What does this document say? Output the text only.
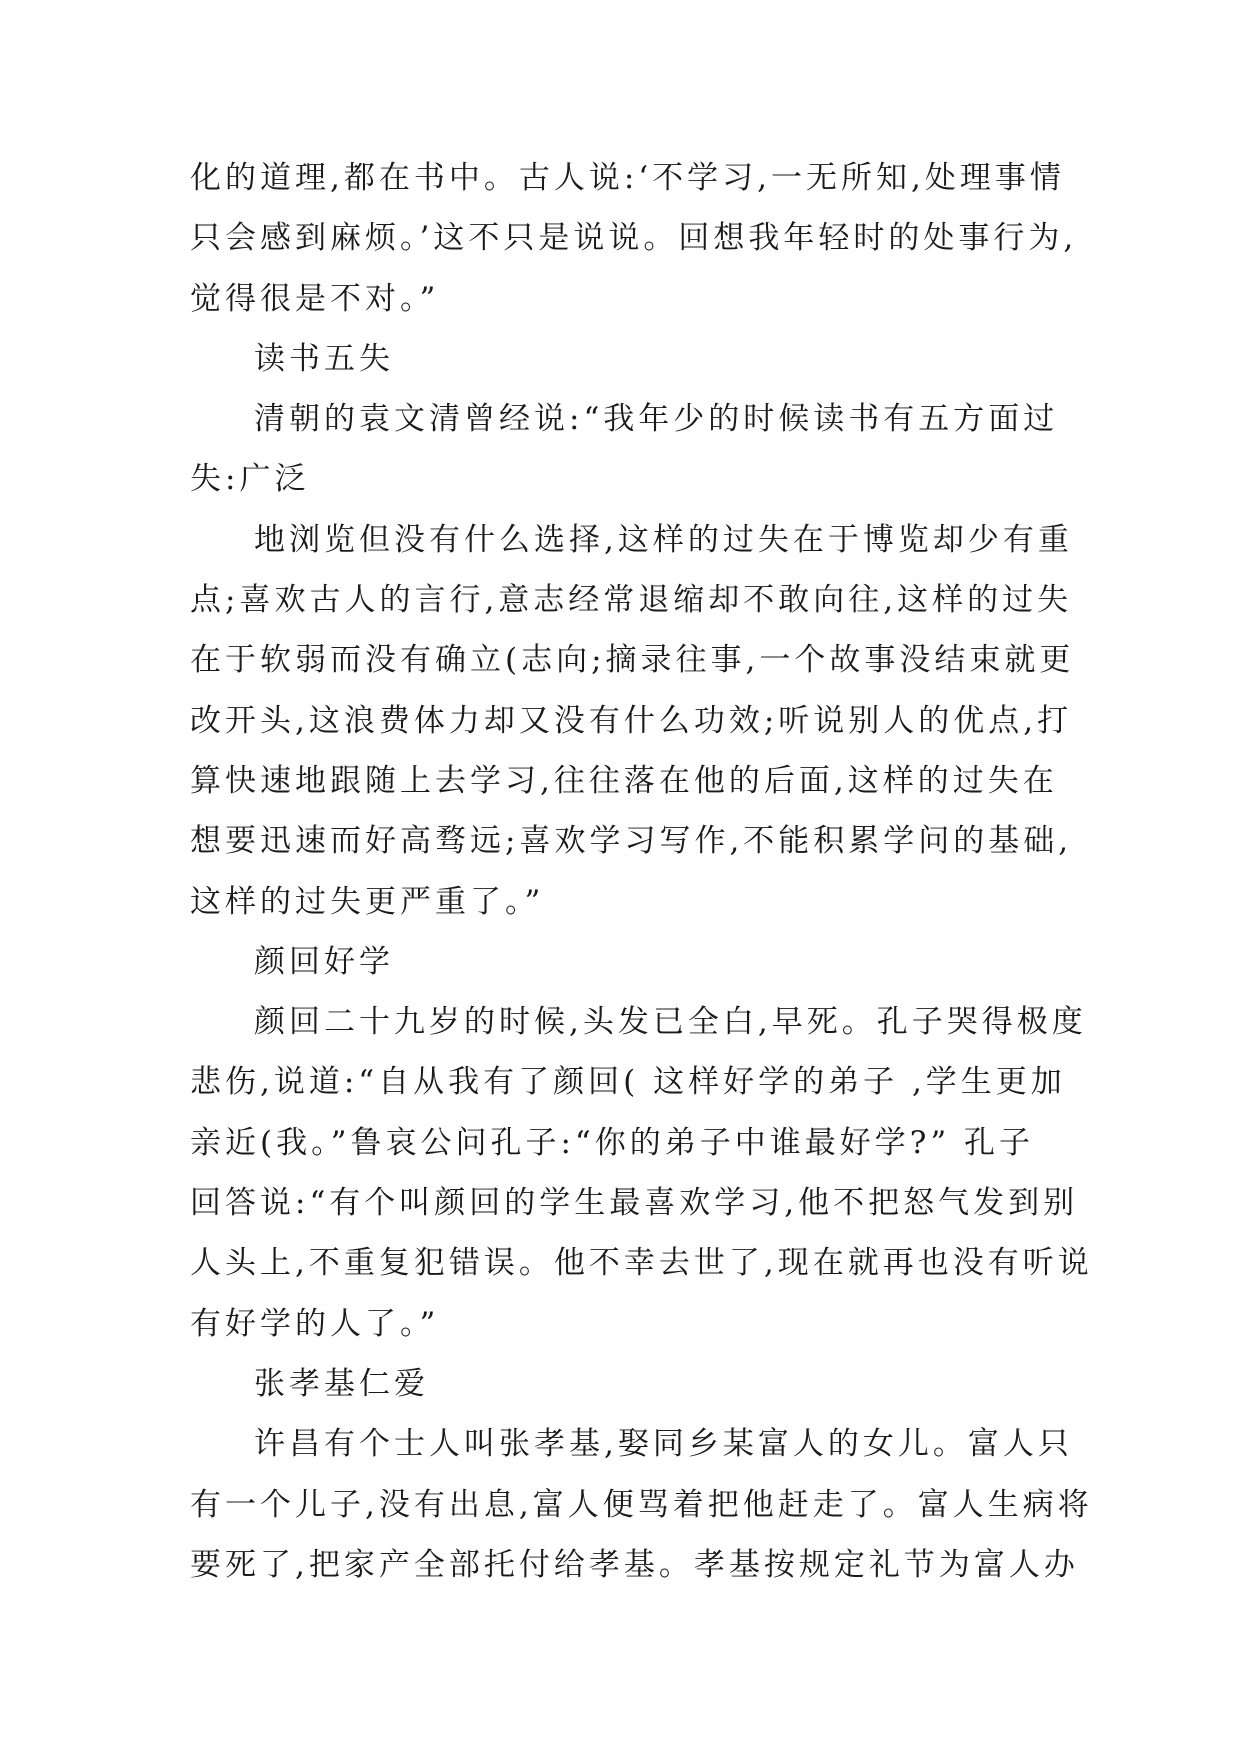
化的道理,都在书中。古人说:‘不学习,一无所知,处理事情
只会感到麻烦。’这不只是说说。回想我年轻时的处事行为,
觉得很是不对。”
读书五失
清朝的袁文清曾经说:“我年少的时候读书有五方面过
失:广泛
地浏览但没有什么选择,这样的过失在于博览却少有重
点;喜欢古人的言行,意志经常退缩却不敢向往,这样的过失
在于软弱而没有确立(志向;摘录往事,一个故事没结束就更
改开头,这浪费体力却又没有什么功效;听说别人的优点,打
算快速地跟随上去学习,往往落在他的后面,这样的过失在
想要迅速而好高骛远;喜欢学习写作,不能积累学问的基础,
这样的过失更严重了。”
颜回好学
颜回二十九岁的时候,头发已全白,早死。孔子哭得极度
悲伤,说道:“自从我有了颜回( 这样好学的弟子 ,学生更加
亲近(我。”鲁哀公问孔子:“你的弟子中谁最好学?” 孔子
回答说:“有个叫颜回的学生最喜欢学习,他不把怒气发到别
人头上,不重复犯错误。他不幸去世了,现在就再也没有听说
有好学的人了。”
张孝基仁爱
许昌有个士人叫张孝基,娶同乡某富人的女儿。富人只
有一个儿子,没有出息,富人便骂着把他赶走了。富人生病将
要死了,把家产全部托付给孝基。孝基按规定礼节为富人办
